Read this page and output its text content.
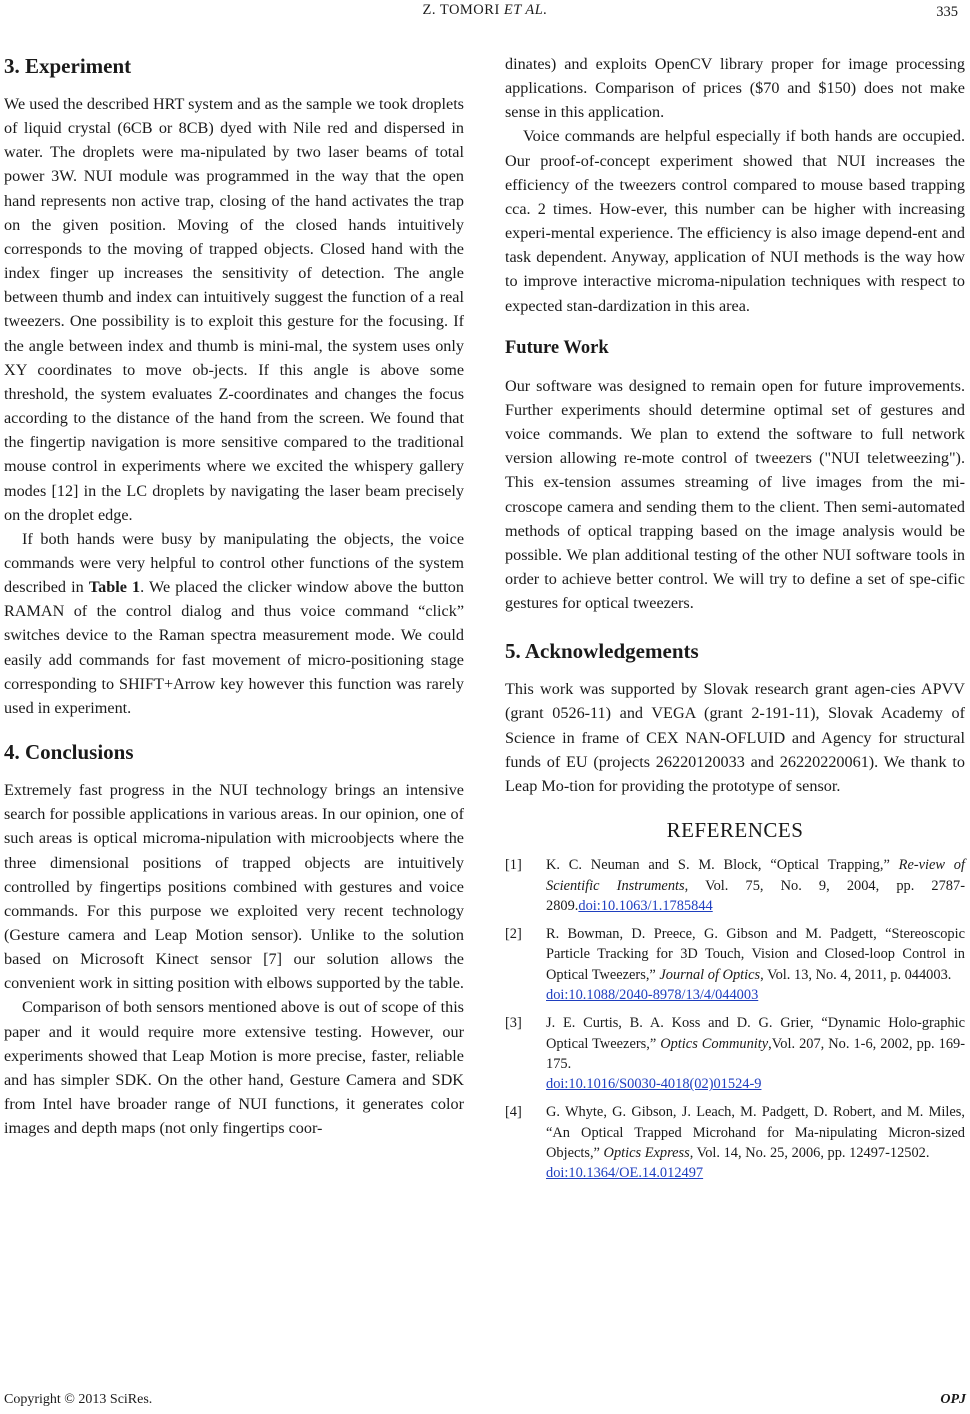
Z. TOMORI ET AL.	335
3. Experiment

We used the described HRT system and as the sample we took droplets of liquid crystal (6CB or 8CB) dyed with Nile red and dispersed in water. The droplets were ma-nipulated by two laser beams of total power 3W. NUI module was programmed in the way that the open hand represents non active trap, closing of the hand activates the trap on the given position. Moving of the closed hands intuitively corresponds to the moving of trapped objects. Closed hand with the index finger up increases the sensitivity of detection. The angle between thumb and index can intuitively suggest the function of a real tweezers. One possibility is to exploit this gesture for the focusing. If the angle between index and thumb is mini-mal, the system uses only XY coordinates to move ob-jects. If this angle is above some threshold, the system evaluates Z-coordinates and changes the focus according to the distance of the hand from the screen. We found that the fingertip navigation is more sensitive compared to the traditional mouse control in experiments where we excited the whispery gallery modes [12] in the LC droplets by navigating the laser beam precisely on the droplet edge.

If both hands were busy by manipulating the objects, the voice commands were very helpful to control other functions of the system described in Table 1. We placed the clicker window above the button RAMAN of the control dialog and thus voice command “click” switches device to the Raman spectra measurement mode. We could easily add commands for fast movement of micro-positioning stage corresponding to SHIFT+Arrow key however this function was rarely used in experiment.

4. Conclusions

Extremely fast progress in the NUI technology brings an intensive search for possible applications in various areas. In our opinion, one of such areas is optical microma-nipulation with microobjects where the three dimensional positions of trapped objects are intuitively controlled by fingertips positions combined with gestures and voice commands. For this purpose we exploited very recent technology (Gesture camera and Leap Motion sensor). Unlike to the solution based on Microsoft Kinect sensor [7] our solution allows the convenient work in sitting position with elbows supported by the table.

Comparison of both sensors mentioned above is out of scope of this paper and it would require more extensive testing. However, our experiments showed that Leap Motion is more precise, faster, reliable and has simpler SDK. On the other hand, Gesture Camera and SDK from Intel have broader range of NUI functions, it generates color images and depth maps (not only fingertips coor-

dinates) and exploits OpenCV library proper for image processing applications. Comparison of prices ($70 and $150) does not make sense in this application.

Voice commands are helpful especially if both hands are occupied. Our proof-of-concept experiment showed that NUI increases the efficiency of the tweezers control compared to mouse based trapping cca. 2 times. How-ever, this number can be higher with increasing experi-mental experience. The efficiency is also image depend-ent and task dependent. Anyway, application of NUI methods is the way how to improve interactive microma-nipulation techniques with respect to expected stan-dardization in this area.

Future Work

Our software was designed to remain open for future improvements. Further experiments should determine optimal set of gestures and voice commands. We plan to extend the software to full network version allowing re-mote control of tweezers ("NUI teletweezing"). This ex-tension assumes streaming of live images from the mi-croscope camera and sending them to the client. Then semi-automated methods of optical trapping based on the image analysis would be possible. We plan additional testing of the other NUI software tools in order to achieve better control. We will try to define a set of spe-cific gestures for optical tweezers.

5. Acknowledgements

This work was supported by Slovak research grant agen-cies APVV (grant 0526-11) and VEGA (grant 2-191-11), Slovak Academy of Science in frame of CEX NAN-OFLUID and Agency for structural funds of EU (projects 26220120033 and 26220220061). We thank to Leap Mo-tion for providing the prototype of sensor.

REFERENCES
[1]	K. C. Neuman and S. M. Block, “Optical Trapping,” Re-view of Scientific Instruments, Vol. 75, No. 9, 2004, pp. 2787-2809.doi:10.1063/1.1785844
[2]	R. Bowman, D. Preece, G. Gibson and M. Padgett, “Stereoscopic Particle Tracking for 3D Touch, Vision and Closed-loop Control in Optical Tweezers,” Journal of Optics, Vol. 13, No. 4, 2011, p. 044003.
doi:10.1088/2040-8978/13/4/044003
[3]	J. E. Curtis, B. A. Koss and D. G. Grier, “Dynamic Holo-graphic Optical Tweezers,” Optics Community,Vol. 207, No. 1-6, 2002, pp. 169-175.
doi:10.1016/S0030-4018(02)01524-9
[4]	G. Whyte, G. Gibson, J. Leach, M. Padgett, D. Robert, and M. Miles, “An Optical Trapped Microhand for Ma-nipulating Micron-sized Objects,” Optics Express, Vol. 14, No. 25, 2006, pp. 12497-12502.
doi:10.1364/OE.14.012497
Copyright © 2013 SciRes.	OPJ
